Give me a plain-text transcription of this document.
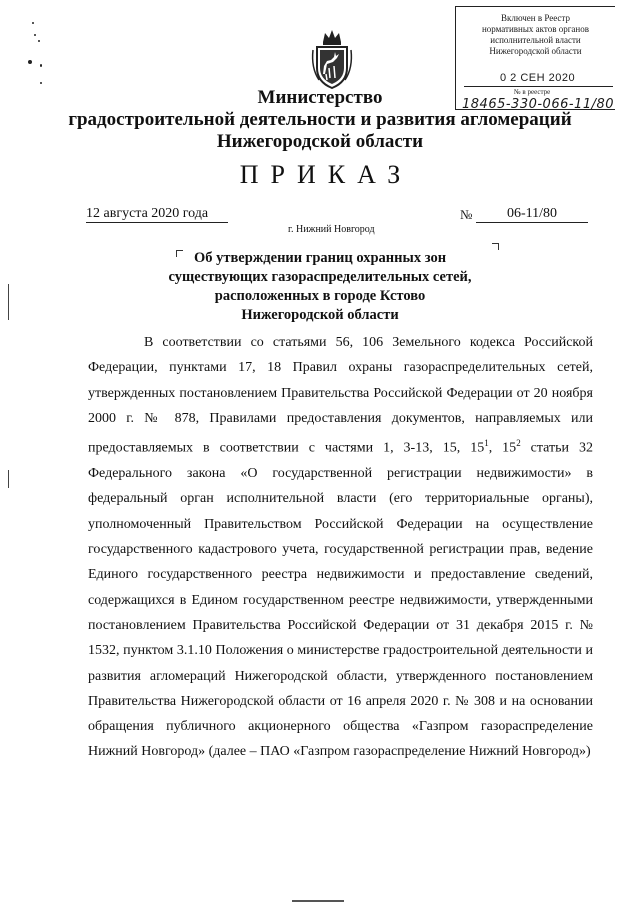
Включен в Реестр
нормативных актов органов
исполнительной власти
Нижегородской области
0 2 СЕН 2020
№ в реестре
18465-330-066-11/80
Министерство
градостроительной деятельности и развития агломераций
Нижегородской области
ПРИКАЗ
12 августа 2020 года
г. Нижний Новгород
№	06-11/80
Об утверждении границ охранных зон
существующих газораспределительных сетей,
расположенных в городе Кстово
Нижегородской области

В соответствии со статьями 56, 106 Земельного кодекса Российской Федерации, пунктами 17, 18 Правил охраны газораспределительных сетей, утвержденных постановлением Правительства Российской Федерации от 20 ноября 2000 г. № 878, Правилами предоставления документов, направляемых или предоставляемых в соответствии с частями 1, 3-13, 15, $15^1$, $15^2$ статьи 32 Федерального закона «О государственной регистрации недвижимости» в федеральный орган исполнительной власти (его территориальные органы), уполномоченный Правительством Российской Федерации на осуществление государственного кадастрового учета, государственной регистрации прав, ведение Единого государственного реестра недвижимости и предоставление сведений, содержащихся в Едином государственном реестре недвижимости, утвержденными постановлением Правительства Российской Федерации от 31 декабря 2015 г. № 1532, пунктом 3.1.10 Положения о министерстве градостроительной деятельности и развития агломераций Нижегородской области, утвержденного постановлением Правительства Нижегородской области от 16 апреля 2020 г. № 308 и на основании обращения публичного акционерного общества «Газпром газораспределение Нижний Новгород» (далее – ПАО «Газпром газораспределение Нижний Новгород»)
